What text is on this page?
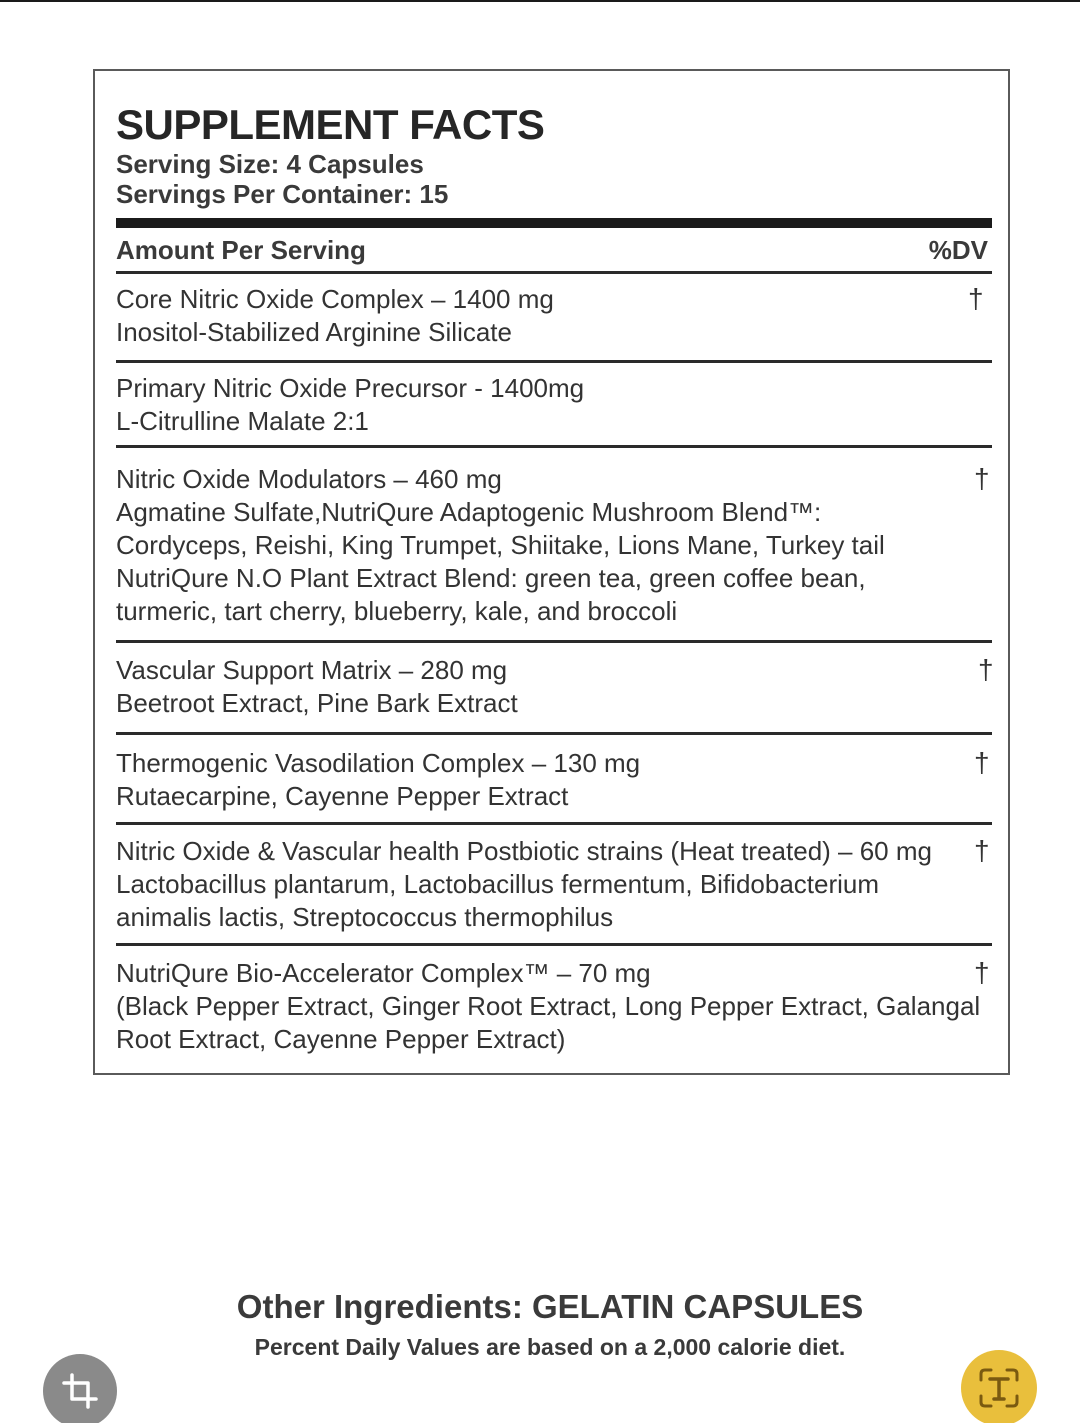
SUPPLEMENT FACTS

Serving Size: 4 Capsules

Servings Per Container: 15

Amount Per Serving	%DV
Core Nitric Oxide Complex – 1400 mg
Inositol-Stabilized Arginine Silicate
†
Primary Nitric Oxide Precursor - 1400mg
L-Citrulline Malate 2:1
Nitric Oxide Modulators – 460 mg
Agmatine Sulfate,NutriQure Adaptogenic Mushroom Blend™:
Cordyceps, Reishi, King Trumpet, Shiitake, Lions Mane, Turkey tail
NutriQure N.O Plant Extract Blend: green tea, green coffee bean,
turmeric, tart cherry, blueberry, kale, and broccoli
†
Vascular Support Matrix – 280 mg
Beetroot Extract, Pine Bark Extract
†
Thermogenic Vasodilation Complex – 130 mg
Rutaecarpine, Cayenne Pepper Extract
†
Nitric Oxide & Vascular health Postbiotic strains (Heat treated) – 60 mg
Lactobacillus plantarum, Lactobacillus fermentum, Bifidobacterium
animalis lactis, Streptococcus thermophilus
†
NutriQure Bio-Accelerator Complex™ – 70 mg
(Black Pepper Extract, Ginger Root Extract, Long Pepper Extract, Galangal
Root Extract, Cayenne Pepper Extract)
†

Other Ingredients: GELATIN CAPSULES

Percent Daily Values are based on a 2,000 calorie diet.
